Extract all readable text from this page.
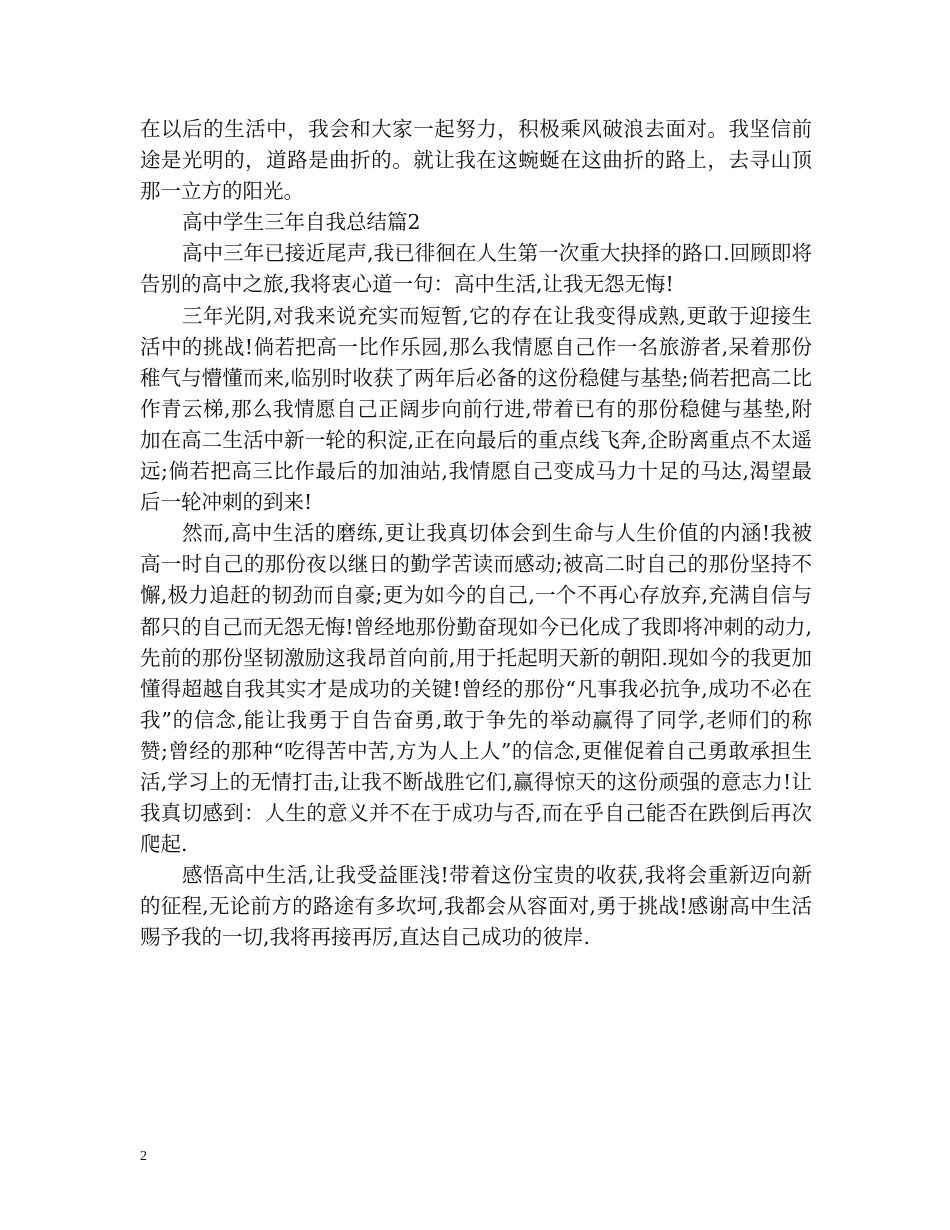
在以后的生活中，我会和大家一起努力，积极乘风破浪去面对。我坚信前途是光明的，道路是曲折的。就让我在这蜿蜒在这曲折的路上，去寻山顶那一立方的阳光。

高中学生三年自我总结篇2

高中三年已接近尾声,我已徘徊在人生第一次重大抉择的路口.回顾即将告别的高中之旅,我将衷心道一句：高中生活,让我无怨无悔!

三年光阴,对我来说充实而短暂,它的存在让我变得成熟,更敢于迎接生活中的挑战!倘若把高一比作乐园,那么我情愿自己作一名旅游者,呆着那份稚气与懵懂而来,临别时收获了两年后必备的这份稳健与基垫;倘若把高二比作青云梯,那么我情愿自己正阔步向前行进,带着已有的那份稳健与基垫,附加在高二生活中新一轮的积淀,正在向最后的重点线飞奔,企盼离重点不太遥远;倘若把高三比作最后的加油站,我情愿自己变成马力十足的马达,渴望最后一轮冲刺的到来!

然而,高中生活的磨练,更让我真切体会到生命与人生价值的内涵!我被高一时自己的那份夜以继日的勤学苦读而感动;被高二时自己的那份坚持不懈,极力追赶的韧劲而自豪;更为如今的自己,一个不再心存放弃,充满自信与都只的自己而无怨无悔!曾经地那份勤奋现如今已化成了我即将冲刺的动力,先前的那份坚韧激励这我昂首向前,用于托起明天新的朝阳.现如今的我更加懂得超越自我其实才是成功的关键!曾经的那份“凡事我必抗争,成功不必在我”的信念,能让我勇于自告奋勇,敢于争先的举动赢得了同学,老师们的称赞;曾经的那种“吃得苦中苦,方为人上人”的信念,更催促着自己勇敢承担生活,学习上的无情打击,让我不断战胜它们,赢得惊天的这份顽强的意志力!让我真切感到：人生的意义并不在于成功与否,而在乎自己能否在跌倒后再次爬起.

感悟高中生活,让我受益匪浅!带着这份宝贵的收获,我将会重新迈向新的征程,无论前方的路途有多坎坷,我都会从容面对,勇于挑战!感谢高中生活赐予我的一切,我将再接再厉,直达自己成功的彼岸.

2
